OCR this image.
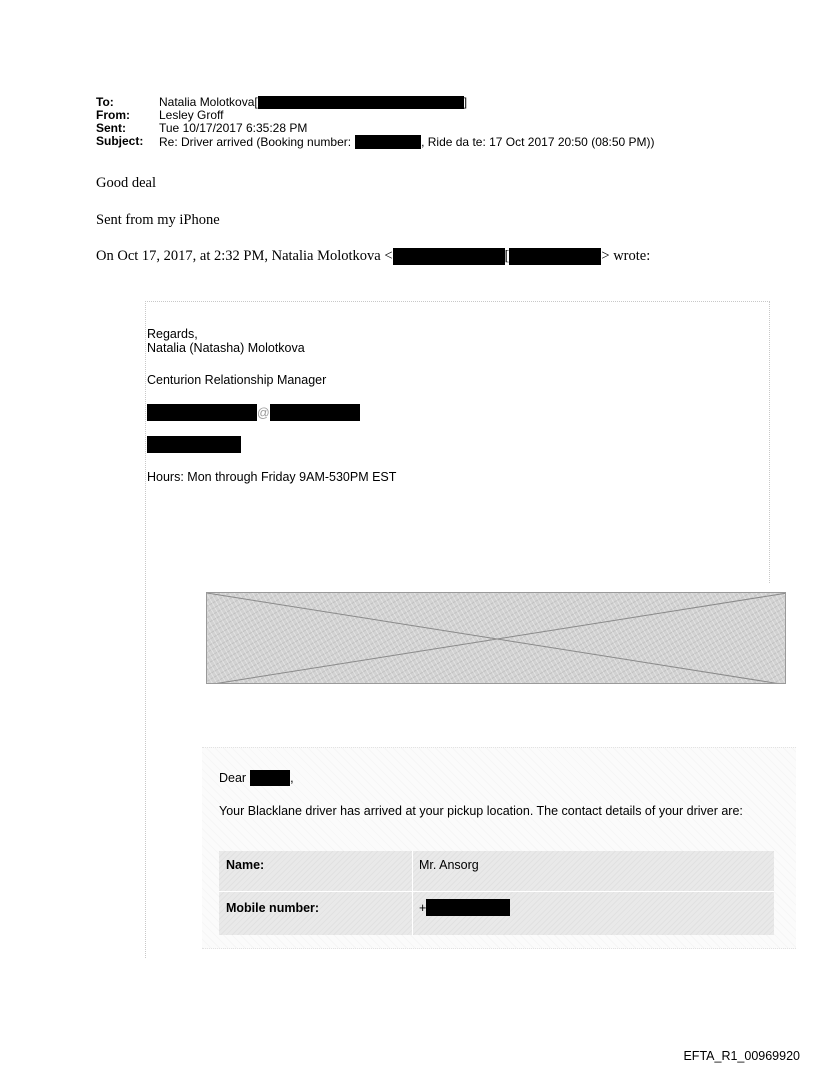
To:	Natalia Molotkova[	]
From:	Lesley Groff
Sent:	Tue 10/17/2017 6:35:28 PM
Subject:	Re: Driver arrived (Booking number:	, Ride da te: 17 Oct 2017 20:50 (08:50 PM))
Good deal
Sent from my iPhone
On Oct 17, 2017, at 2:32 PM, Natalia Molotkova <	[	> wrote:
Regards,
Natalia (Natasha) Molotkova
Centurion Relationship Manager
@
Hours: Mon through Friday 9AM-530PM EST
Dear	,
Your Blacklane driver has arrived at your pickup location. The contact details of your driver are:
Name:	Mr. Ansorg
Mobile number:	+
EFTA_R1_00969920
